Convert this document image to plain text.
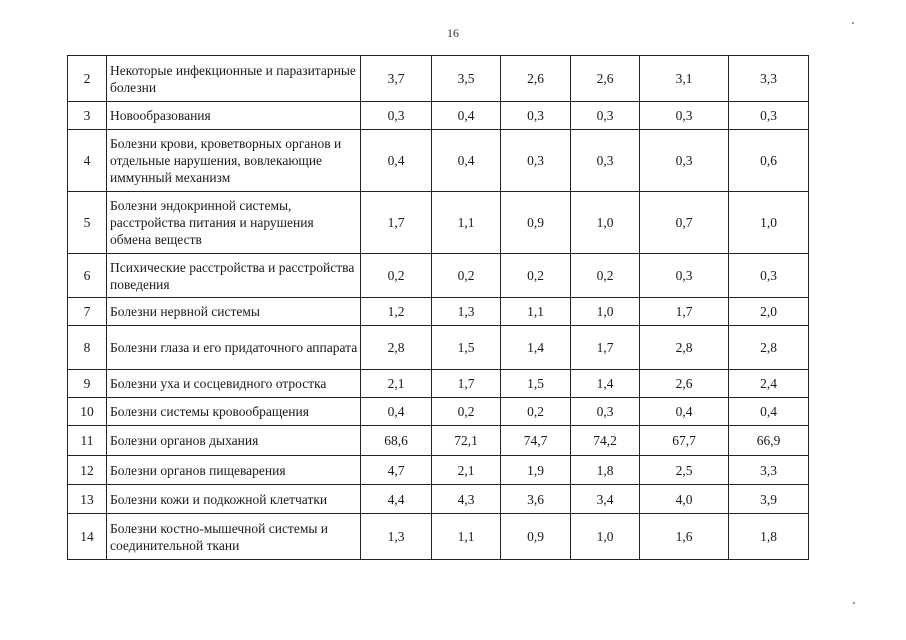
16
2	Некоторые инфекционные и паразитарные болезни	3,7	3,5	2,6	2,6	3,1	3,3
3	Новообразования	0,3	0,4	0,3	0,3	0,3	0,3
4	Болезни крови, кроветворных органов и отдельные нарушения, вовлекающие иммунный механизм	0,4	0,4	0,3	0,3	0,3	0,6
5	Болезни эндокринной системы, расстройства питания и нарушения обмена веществ	1,7	1,1	0,9	1,0	0,7	1,0
6	Психические расстройства и расстройства поведения	0,2	0,2	0,2	0,2	0,3	0,3
7	Болезни нервной системы	1,2	1,3	1,1	1,0	1,7	2,0
8	Болезни глаза и его придаточного аппарата	2,8	1,5	1,4	1,7	2,8	2,8
9	Болезни уха и сосцевидного отростка	2,1	1,7	1,5	1,4	2,6	2,4
10	Болезни системы кровообращения	0,4	0,2	0,2	0,3	0,4	0,4
11	Болезни органов дыхания	68,6	72,1	74,7	74,2	67,7	66,9
12	Болезни органов пищеварения	4,7	2,1	1,9	1,8	2,5	3,3
13	Болезни кожи и подкожной клетчатки	4,4	4,3	3,6	3,4	4,0	3,9
14	Болезни костно-мышечной системы и соединительной ткани	1,3	1,1	0,9	1,0	1,6	1,8
